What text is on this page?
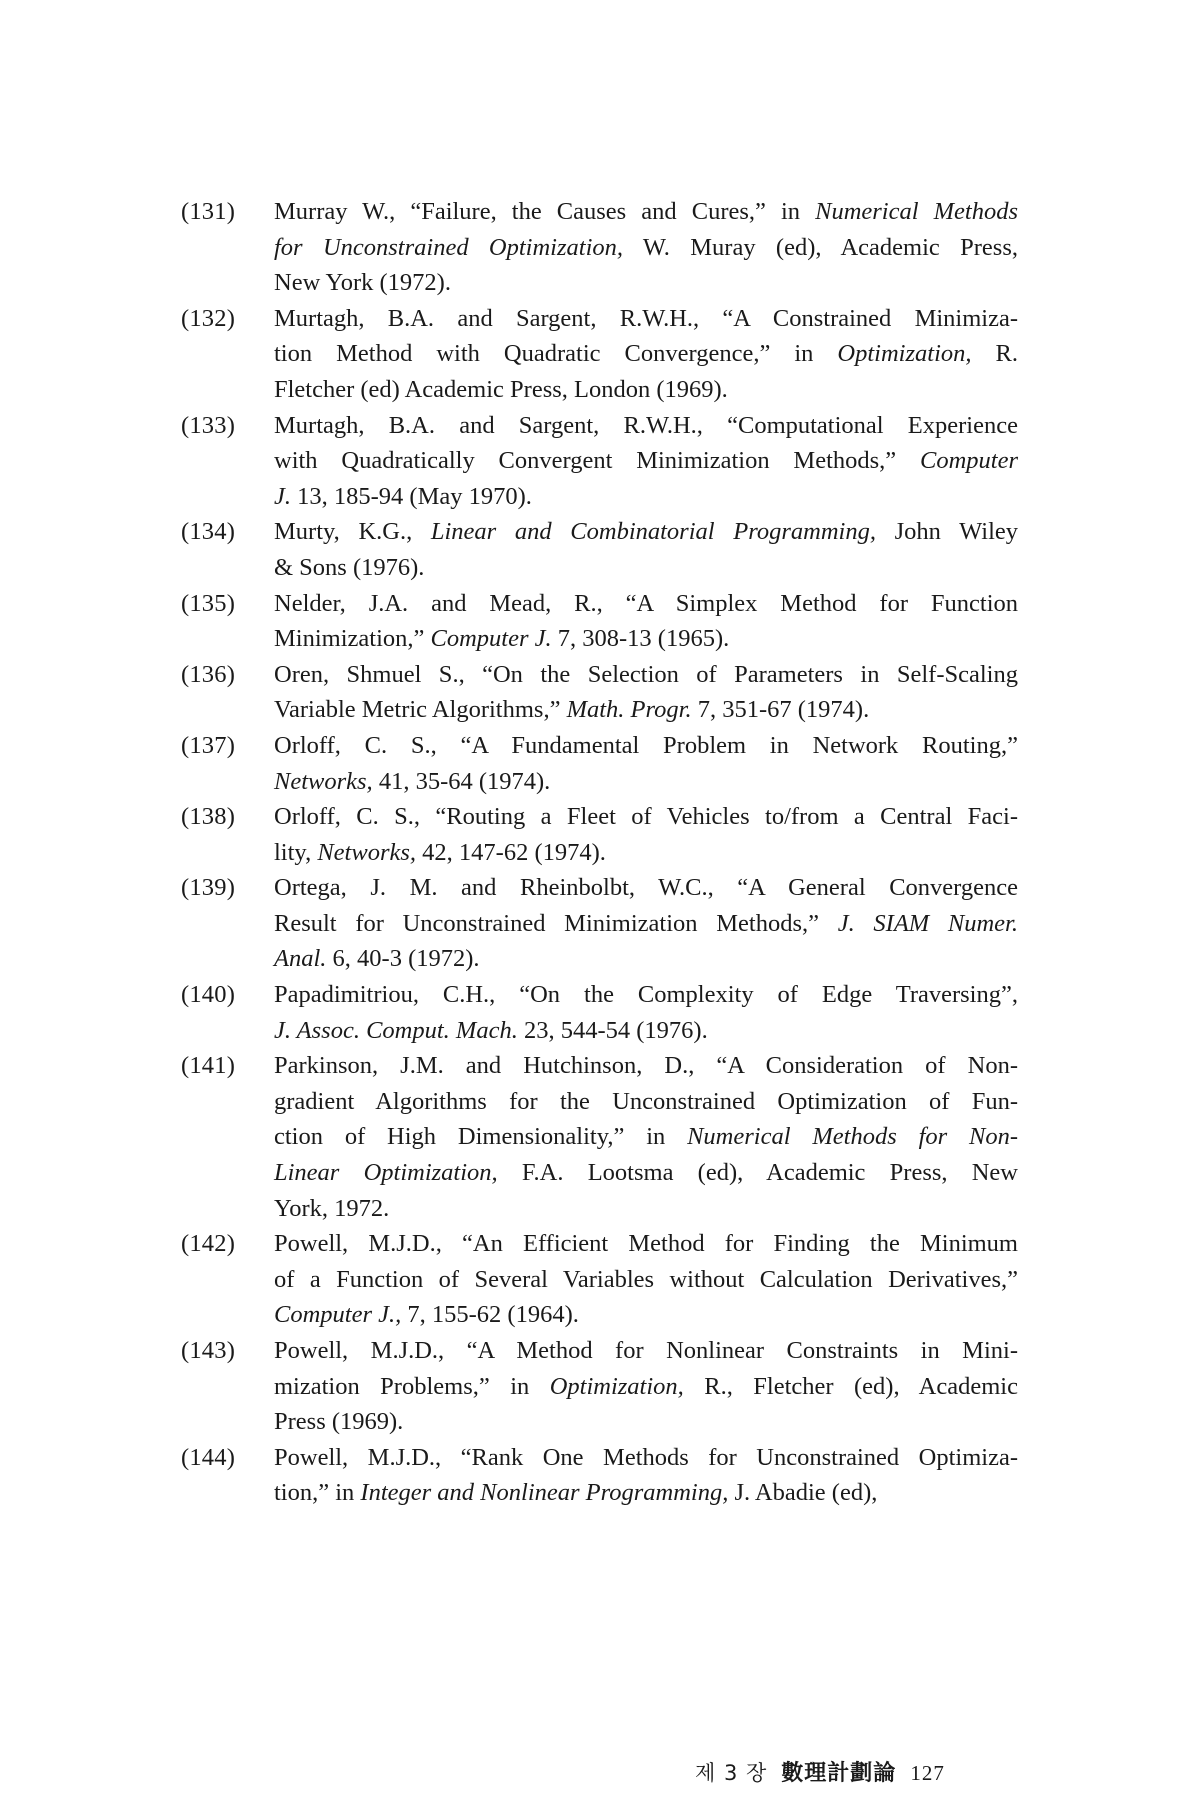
(131)	Murray W., “Failure, the Causes and Cures,” in Numerical Methods
for Unconstrained Optimization, W. Muray (ed), Academic Press,
New York (1972).
(132)	Murtagh, B.A. and Sargent, R.W.H., “A Constrained Minimiza-
tion Method with Quadratic Convergence,” in Optimization, R.
Fletcher (ed) Academic Press, London (1969).
(133)	Murtagh, B.A. and Sargent, R.W.H., “Computational Experience
with Quadratically Convergent Minimization Methods,” Computer
J. 13, 185-94 (May 1970).
(134)	Murty, K.G., Linear and Combinatorial Programming, John Wiley
& Sons (1976).
(135)	Nelder, J.A. and Mead, R., “A Simplex Method for Function
Minimization,” Computer J. 7, 308-13 (1965).
(136)	Oren, Shmuel S., “On the Selection of Parameters in Self-Scaling
Variable Metric Algorithms,” Math. Progr. 7, 351-67 (1974).
(137)	Orloff, C. S., “A Fundamental Problem in Network Routing,”
Networks, 41, 35-64 (1974).
(138)	Orloff, C. S., “Routing a Fleet of Vehicles to/from a Central Faci-
lity, Networks, 42, 147-62 (1974).
(139)	Ortega, J. M. and Rheinbolbt, W.C., “A General Convergence
Result for Unconstrained Minimization Methods,” J. SIAM Numer.
Anal. 6, 40-3 (1972).
(140)	Papadimitriou, C.H., “On the Complexity of Edge Traversing”,
J. Assoc. Comput. Mach. 23, 544-54 (1976).
(141)	Parkinson, J.M. and Hutchinson, D., “A Consideration of Non-
gradient Algorithms for the Unconstrained Optimization of Fun-
ction of High Dimensionality,” in Numerical Methods for Non-
Linear Optimization, F.A. Lootsma (ed), Academic Press, New
York, 1972.
(142)	Powell, M.J.D., “An Efficient Method for Finding the Minimum
of a Function of Several Variables without Calculation Derivatives,”
Computer J., 7, 155-62 (1964).
(143)	Powell, M.J.D., “A Method for Nonlinear Constraints in Mini-
mization Problems,” in Optimization, R., Fletcher (ed), Academic
Press (1969).
(144)	Powell, M.J.D., “Rank One Methods for Unconstrained Optimiza-
tion,” in Integer and Nonlinear Programming, J. Abadie (ed),
제 3 장 數理計劃論 127
